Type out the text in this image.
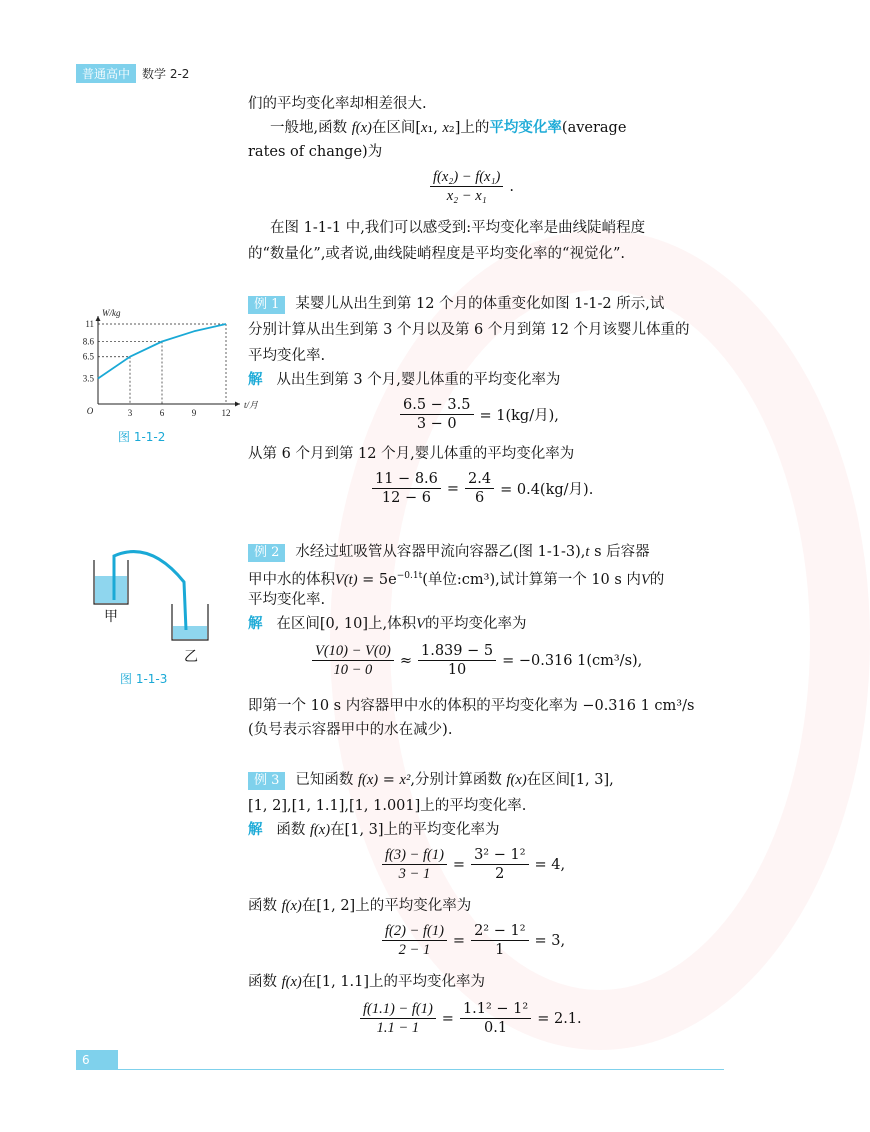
普通高中	数学 2-2
们的平均变化率却相差很大.
一般地,函数 f(x)在区间[x₁, x₂]上的平均变化率(average
rates of change)为
$\frac{\text{f(x₂) − f(x₁)}}{\text{x₂ − x₁}}$ .
在图 1-1-1 中,我们可以感受到:平均变化率是曲线陡峭程度
的“数量化”,或者说,曲线陡峭程度是平均变化率的“视觉化”.
W/kg
t/月
O
11
8.6
6.5
3.5
3	6	9	12
图 1-1-2
例 1 某婴儿从出生到第 12 个月的体重变化如图 1-1-2 所示,试
分别计算从出生到第 3 个月以及第 6 个月到第 12 个月该婴儿体重的
平均变化率.
解 从出生到第 3 个月,婴儿体重的平均变化率为
$\frac{6.5 - 3.5}{3 - 0} = 1(kg/$月),
从第 6 个月到第 12 个月,婴儿体重的平均变化率为
$\frac{11 - 8.6}{12 - 6} = \frac{2.4}{6} = 0.4(kg/$月).
甲
乙
图 1-1-3
例 2 水经过虹吸管从容器甲流向容器乙(图 1-1-3),t s 后容器
甲中水的体积$V(t) = 5e^{-0.1t}$(单位:cm³),试计算第一个 10 s 内V的
平均变化率.
解 在区间[0, 10]上,体积V的平均变化率为
$\frac{V(10) - V(0)}{10 - 0} \approx \frac{1.839 - 5}{10} = -0.316$ 1(cm³/s),
即第一个 10 s 内容器甲中水的体积的平均变化率为 −0.316 1 cm³/s
(负号表示容器甲中的水在减少).
例 3 已知函数 f(x) = x²,分别计算函数 f(x)在区间[1, 3],
[1, 2],[1, 1.1],[1, 1.001]上的平均变化率.
解 函数 f(x)在[1, 3]上的平均变化率为
$\frac{f(3) - f(1)}{3 - 1} = \frac{\text{3² − 1²}}{2} = 4$,
函数 f(x)在[1, 2]上的平均变化率为
$\frac{f(2) - f(1)}{2 - 1} = \frac{\text{2² − 1²}}{1} = 3$,
函数 f(x)在[1, 1.1]上的平均变化率为
$\frac{f(1.1) - f(1)}{1.1 - 1} = \frac{\text{1.1² − 1²}}{0.1} = 2.1$.
6
